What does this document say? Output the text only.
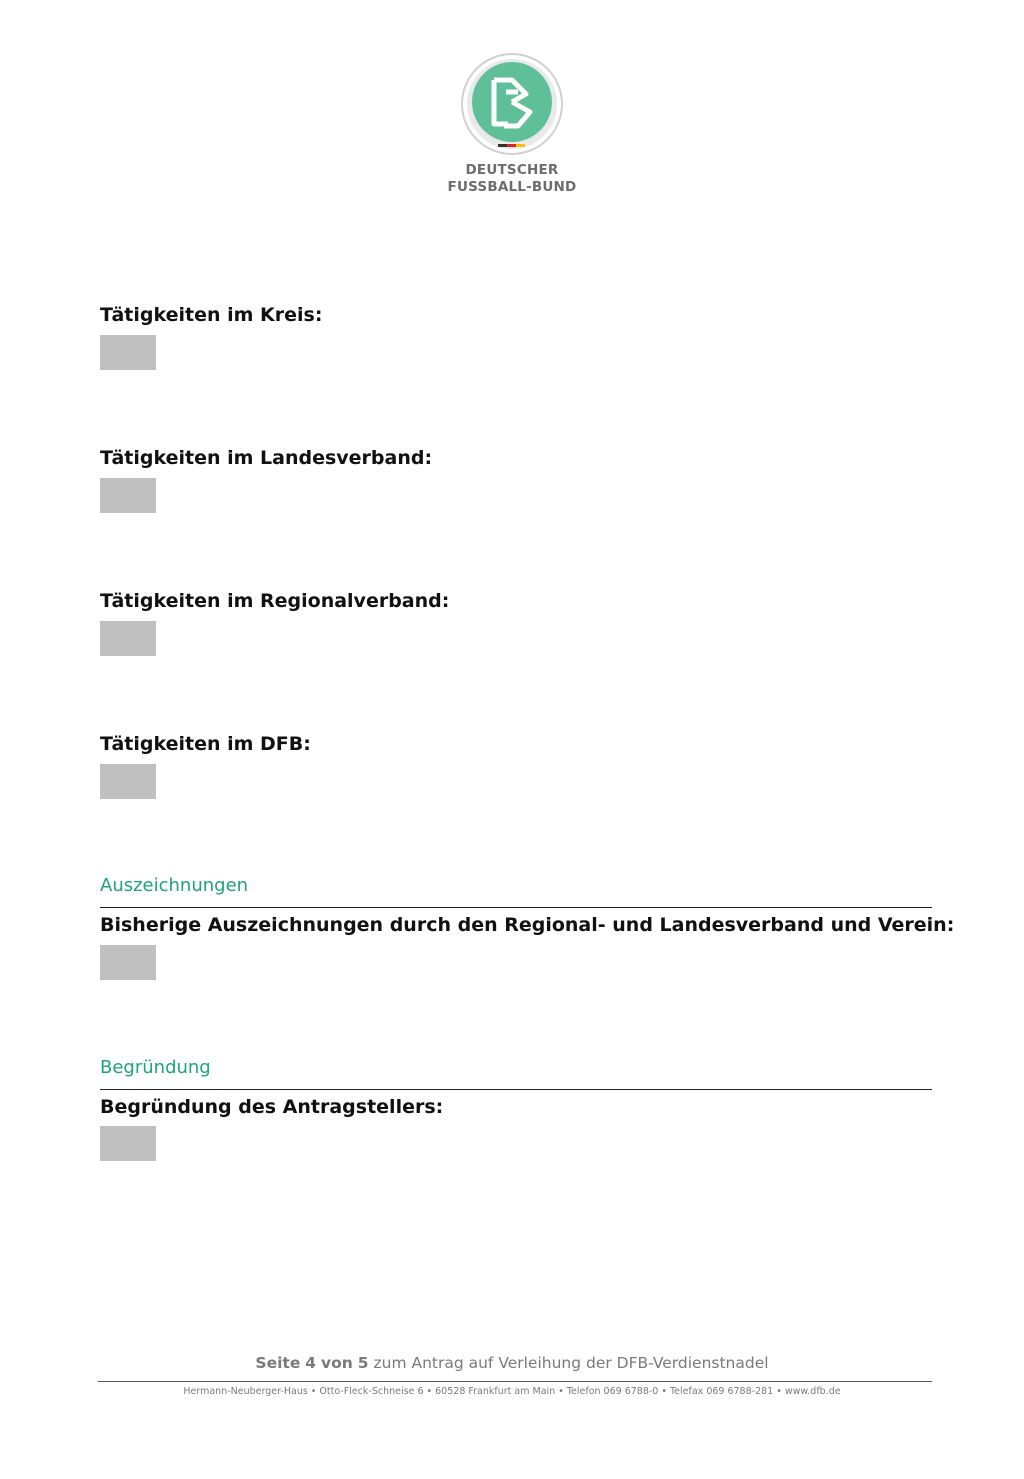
DEUTSCHER
FUSSBALL-BUND
Tätigkeiten im Kreis:
Tätigkeiten im Landesverband:
Tätigkeiten im Regionalverband:
Tätigkeiten im DFB:
Auszeichnungen
Bisherige Auszeichnungen durch den Regional- und Landesverband und Verein:
Begründung
Begründung des Antragstellers:
Seite 4 von 5 zum Antrag auf Verleihung der DFB-Verdienstnadel
Hermann-Neuberger-Haus • Otto-Fleck-Schneise 6 • 60528 Frankfurt am Main • Telefon 069 6788-0 • Telefax 069 6788-281 • www.dfb.de
